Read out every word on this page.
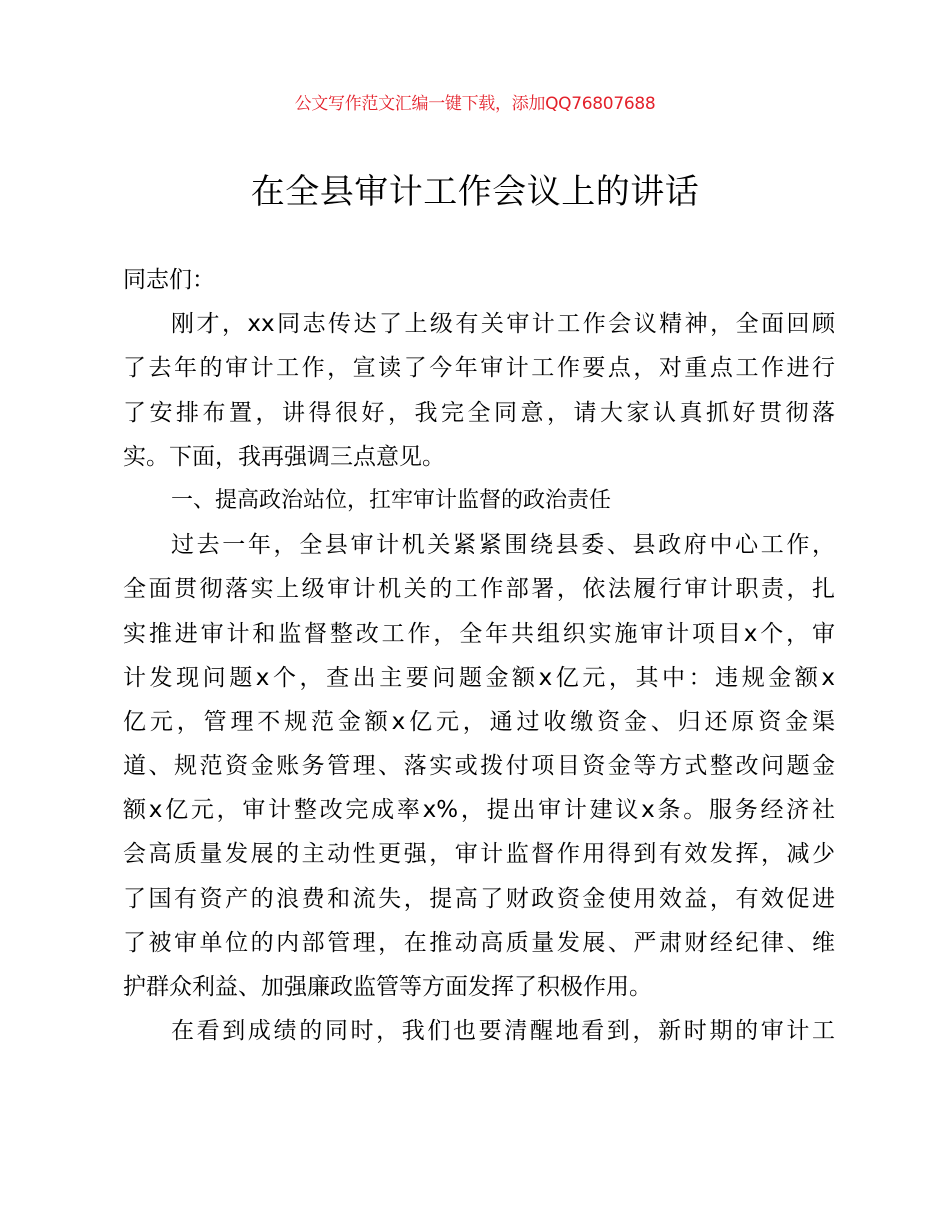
公文写作范文汇编一键下载，添加QQ76807688
在全县审计工作会议上的讲话
同志们：
刚才，xx同志传达了上级有关审计工作会议精神，全面回顾
了去年的审计工作，宣读了今年审计工作要点，对重点工作进行
了安排布置，讲得很好，我完全同意，请大家认真抓好贯彻落
实。下面，我再强调三点意见。
一、提高政治站位，扛牢审计监督的政治责任
过去一年，全县审计机关紧紧围绕县委、县政府中心工作，
全面贯彻落实上级审计机关的工作部署，依法履行审计职责，扎
实推进审计和监督整改工作，全年共组织实施审计项目x个，审
计发现问题x个，查出主要问题金额x亿元，其中：违规金额x
亿元，管理不规范金额x亿元，通过收缴资金、归还原资金渠
道、规范资金账务管理、落实或拨付项目资金等方式整改问题金
额x亿元，审计整改完成率x%，提出审计建议x条。服务经济社
会高质量发展的主动性更强，审计监督作用得到有效发挥，减少
了国有资产的浪费和流失，提高了财政资金使用效益，有效促进
了被审单位的内部管理，在推动高质量发展、严肃财经纪律、维
护群众利益、加强廉政监管等方面发挥了积极作用。
在看到成绩的同时，我们也要清醒地看到，新时期的审计工
